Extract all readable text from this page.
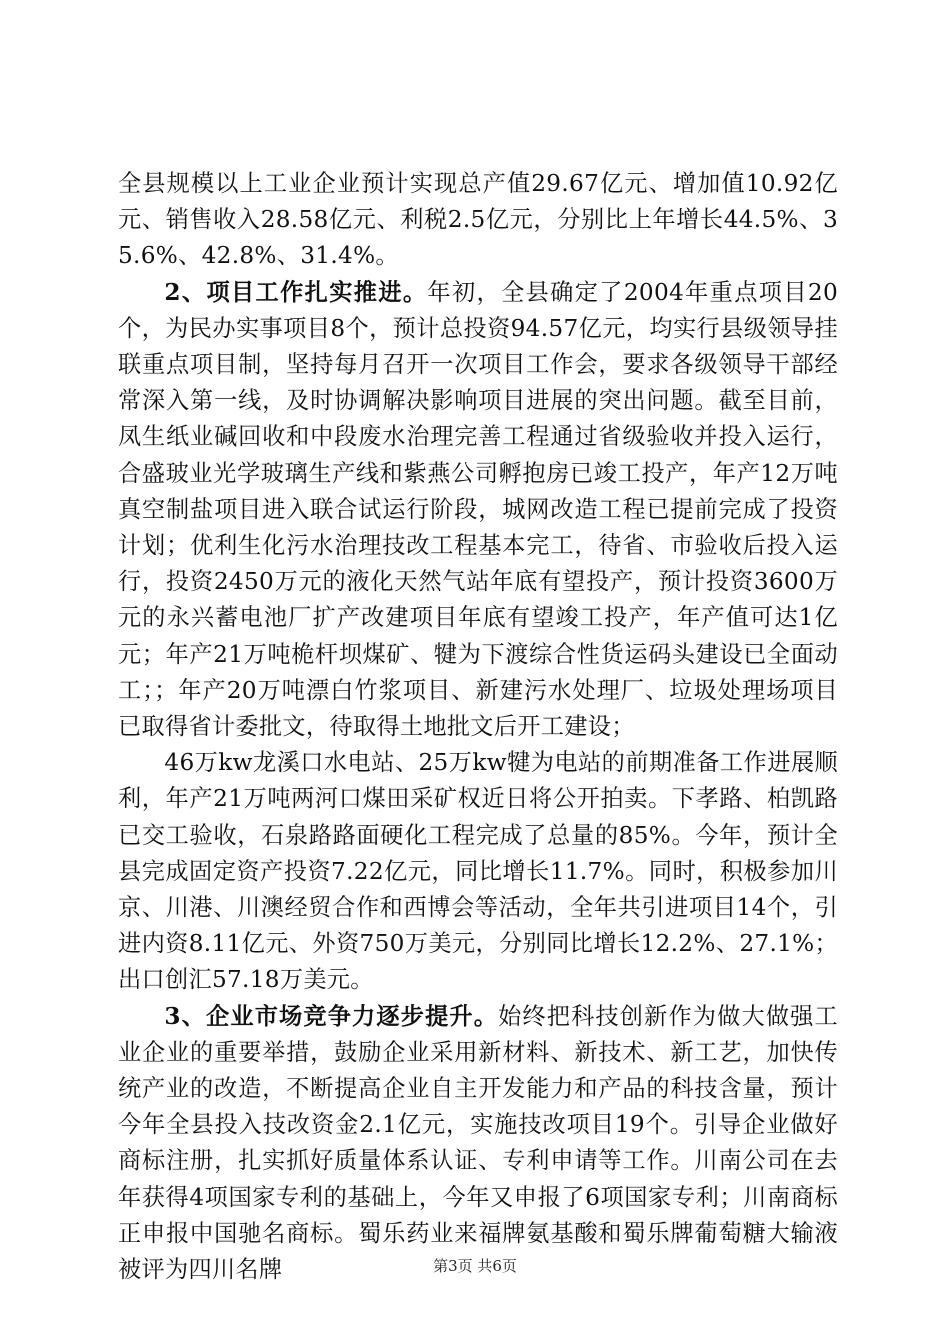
全县规模以上工业企业预计实现总产值29.67亿元、增加值10.92亿元、销售收入28.58亿元、利税2.5亿元，分别比上年增长44.5%、35.6%、42.8%、31.4%。

2、项目工作扎实推进。年初，全县确定了2004年重点项目20个，为民办实事项目8个，预计总投资94.57亿元，均实行县级领导挂联重点项目制，坚持每月召开一次项目工作会，要求各级领导干部经常深入第一线，及时协调解决影响项目进展的突出问题。截至目前，凤生纸业碱回收和中段废水治理完善工程通过省级验收并投入运行，合盛玻业光学玻璃生产线和紫燕公司孵抱房已竣工投产，年产12万吨真空制盐项目进入联合试运行阶段，城网改造工程已提前完成了投资计划；优利生化污水治理技改工程基本完工，待省、市验收后投入运行，投资2450万元的液化天然气站年底有望投产，预计投资3600万元的永兴蓄电池厂扩产改建项目年底有望竣工投产，年产值可达1亿元；年产21万吨桅杆坝煤矿、犍为下渡综合性货运码头建设已全面动工；；年产20万吨漂白竹浆项目、新建污水处理厂、垃圾处理场项目已取得省计委批文，待取得土地批文后开工建设；

46万kw龙溪口水电站、25万kw犍为电站的前期准备工作进展顺利，年产21万吨两河口煤田采矿权近日将公开拍卖。下孝路、柏凯路已交工验收，石泉路路面硬化工程完成了总量的85%。今年，预计全县完成固定资产投资7.22亿元，同比增长11.7%。同时，积极参加川京、川港、川澳经贸合作和西博会等活动，全年共引进项目14个，引进内资8.11亿元、外资750万美元，分别同比增长12.2%、27.1%；出口创汇57.18万美元。

3、企业市场竞争力逐步提升。始终把科技创新作为做大做强工业企业的重要举措，鼓励企业采用新材料、新技术、新工艺，加快传统产业的改造，不断提高企业自主开发能力和产品的科技含量，预计今年全县投入技改资金2.1亿元，实施技改项目19个。引导企业做好商标注册，扎实抓好质量体系认证、专利申请等工作。川南公司在去年获得4项国家专利的基础上，今年又申报了6项国家专利；川南商标正申报中国驰名商标。蜀乐药业来福牌氨基酸和蜀乐牌葡萄糖大输液被评为四川名牌	第3页 共6页
